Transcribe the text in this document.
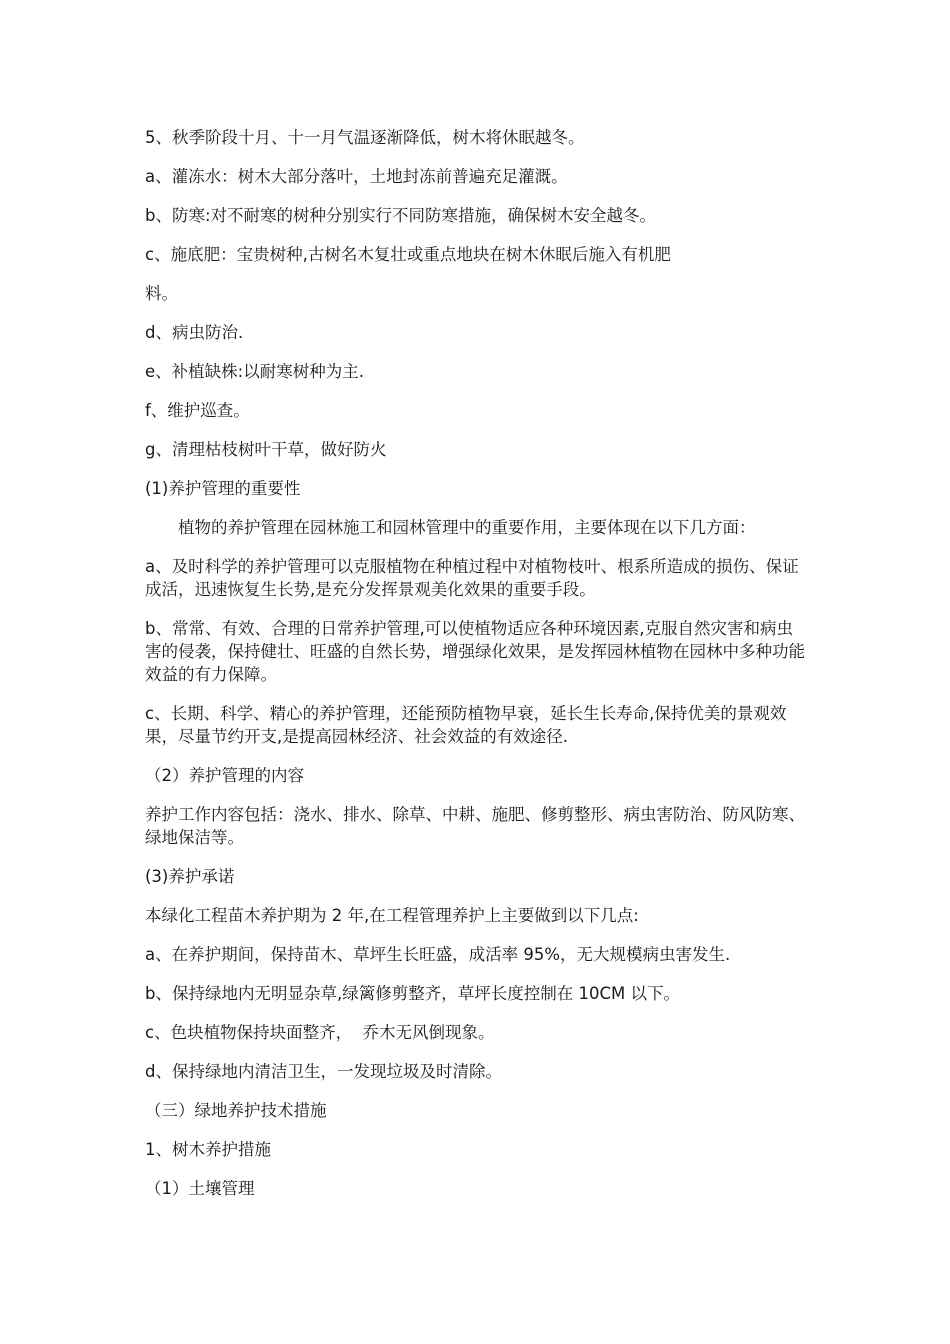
5、秋季阶段十月、十一月气温逐渐降低，树木将休眠越冬。

a、灌冻水：树木大部分落叶，土地封冻前普遍充足灌溉。

b、防寒:对不耐寒的树种分别实行不同防寒措施，确保树木安全越冬。

c、施底肥：宝贵树种,古树名木复壮或重点地块在树木休眠后施入有机肥

料。

d、病虫防治.

e、补植缺株:以耐寒树种为主.

f、维护巡查。

g、清理枯枝树叶干草，做好防火

(1)养护管理的重要性

植物的养护管理在园林施工和园林管理中的重要作用，主要体现在以下几方面：

a、及时科学的养护管理可以克服植物在种植过程中对植物枝叶、根系所造成的损伤、保证成活，迅速恢复生长势,是充分发挥景观美化效果的重要手段。

b、常常、有效、合理的日常养护管理,可以使植物适应各种环境因素,克服自然灾害和病虫害的侵袭，保持健壮、旺盛的自然长势，增强绿化效果，是发挥园林植物在园林中多种功能效益的有力保障。

c、长期、科学、精心的养护管理，还能预防植物早衰，延长生长寿命,保持优美的景观效果，尽量节约开支,是提高园林经济、社会效益的有效途径.

（2）养护管理的内容

养护工作内容包括：浇水、排水、除草、中耕、施肥、修剪整形、病虫害防治、防风防寒、绿地保洁等。

(3)养护承诺

本绿化工程苗木养护期为 2 年,在工程管理养护上主要做到以下几点:

a、在养护期间，保持苗木、草坪生长旺盛，成活率 95%，无大规模病虫害发生.

b、保持绿地内无明显杂草,绿篱修剪整齐，草坪长度控制在 10CM 以下。

c、色块植物保持块面整齐，  乔木无风倒现象。

d、保持绿地内清洁卫生，一发现垃圾及时清除。

（三）绿地养护技术措施

1、树木养护措施

（1）土壤管理
